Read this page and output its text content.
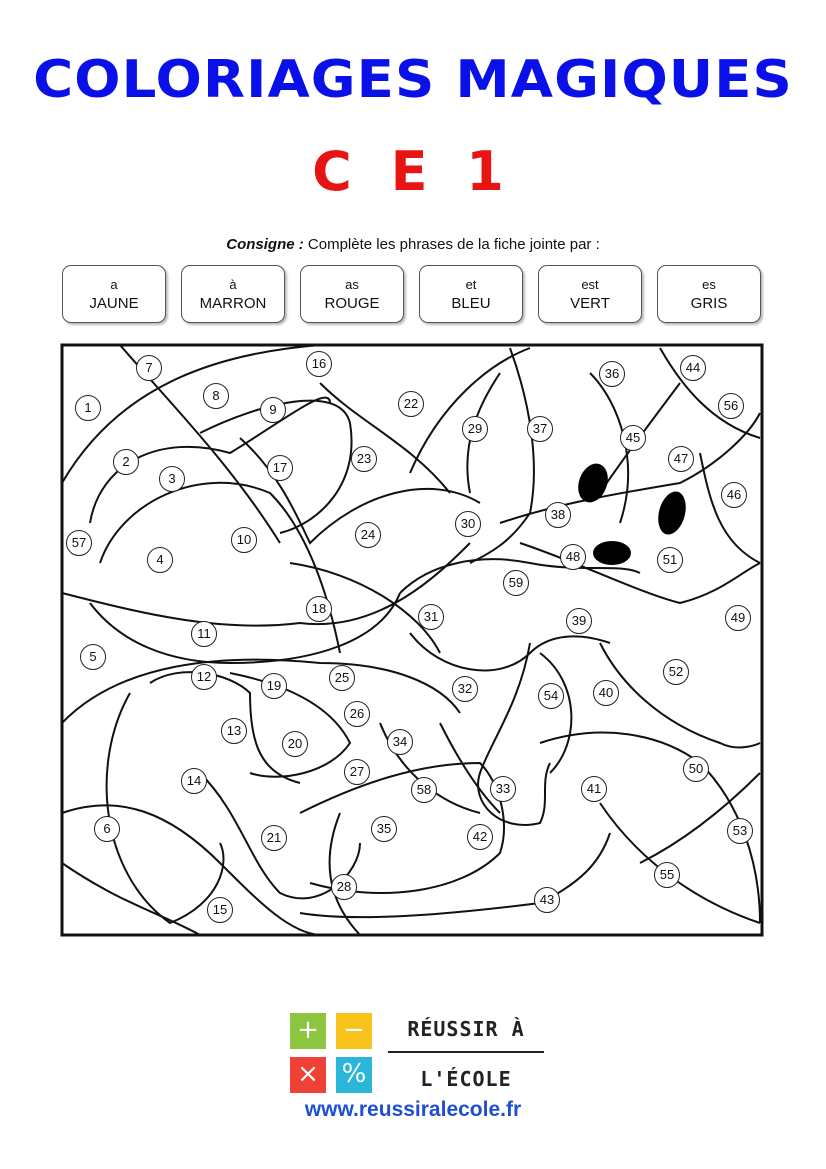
COLORIAGES MAGIQUES
C E 1
Consigne : Complète les phrases de la fiche jointe par :
a
JAUNE
à
MARRON
as
ROUGE
et
BLEU
est
VERT
es
GRIS
1
2
3
4
5
6
7
8
9
10
11
12
13
14
15
16
17
18
19
20
21
22
23
24
25
26
27
28
29
30
31
32
33
34
35
36
37
38
39
40
41
42
43
44
45
46
47
48
49
50
51
52
53
54
55
56
57
58
59
+ −
× %
RÉUSSIR À
L'ÉCOLE
www.reussiralecole.fr
